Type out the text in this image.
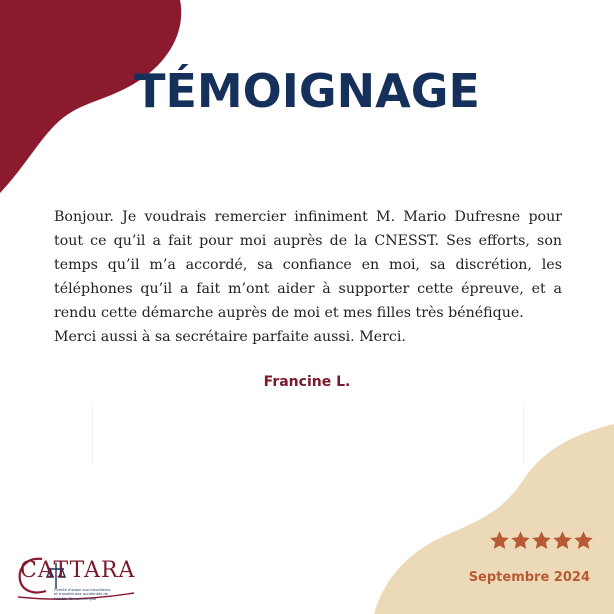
TÉMOIGNAGE

Bonjour. Je voudrais remercier infiniment M. Mario Dufresne pour tout ce qu’il a fait pour moi auprès de la CNESST. Ses efforts, son temps qu’il m’a accordé, sa confiance en moi, sa discrétion, les téléphones qu’il a fait m’ont aider à supporter cette épreuve, et a rendu cette démarche auprès de moi et mes filles très bénéfique.

Merci aussi à sa secrétaire parfaite aussi. Merci.

Francine L.
Septembre 2024
CATTARA
Comité d'appui aux travailleurs et travailleuses accidentés de l'Abitibi-Témiscamingue
